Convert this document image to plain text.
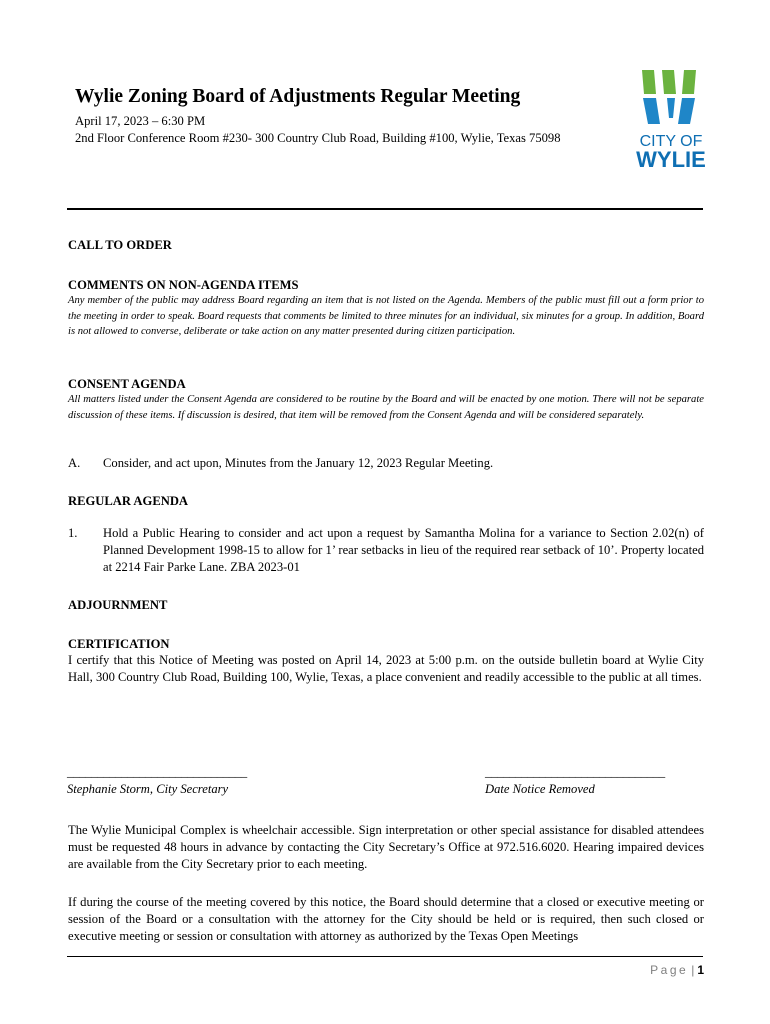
Wylie Zoning Board of Adjustments Regular Meeting
April 17, 2023 – 6:30 PM
2nd Floor Conference Room #230- 300 Country Club Road, Building #100, Wylie, Texas 75098	CITY OF
WYLIE
CALL TO ORDER
COMMENTS ON NON-AGENDA ITEMS
Any member of the public may address Board regarding an item that is not listed on the Agenda. Members of the public must fill out a form prior to the meeting in order to speak. Board requests that comments be limited to three minutes for an individual, six minutes for a group. In addition, Board is not allowed to converse, deliberate or take action on any matter presented during citizen participation.
CONSENT AGENDA
All matters listed under the Consent Agenda are considered to be routine by the Board and will be enacted by one motion. There will not be separate discussion of these items. If discussion is desired, that item will be removed from the Consent Agenda and will be considered separately.
A. Consider, and act upon, Minutes from the January 12, 2023 Regular Meeting.
REGULAR AGENDA
1. Hold a Public Hearing to consider and act upon a request by Samantha Molina for a variance to Section 2.02(n) of Planned Development 1998-15 to allow for 1’ rear setbacks in lieu of the required rear setback of 10’. Property located at 2214 Fair Parke Lane. ZBA 2023-01
ADJOURNMENT
CERTIFICATION
I certify that this Notice of Meeting was posted on April 14, 2023 at 5:00 p.m. on the outside bulletin board at Wylie City Hall, 300 Country Club Road, Building 100, Wylie, Texas, a place convenient and readily accessible to the public at all times.
______________________________
Stephanie Storm, City Secretary
______________________________
Date Notice Removed
The Wylie Municipal Complex is wheelchair accessible. Sign interpretation or other special assistance for disabled attendees must be requested 48 hours in advance by contacting the City Secretary’s Office at 972.516.6020. Hearing impaired devices are available from the City Secretary prior to each meeting.
If during the course of the meeting covered by this notice, the Board should determine that a closed or executive meeting or session of the Board or a consultation with the attorney for the City should be held or is required, then such closed or executive meeting or session or consultation with attorney as authorized by the Texas Open Meetings
Page | 1
